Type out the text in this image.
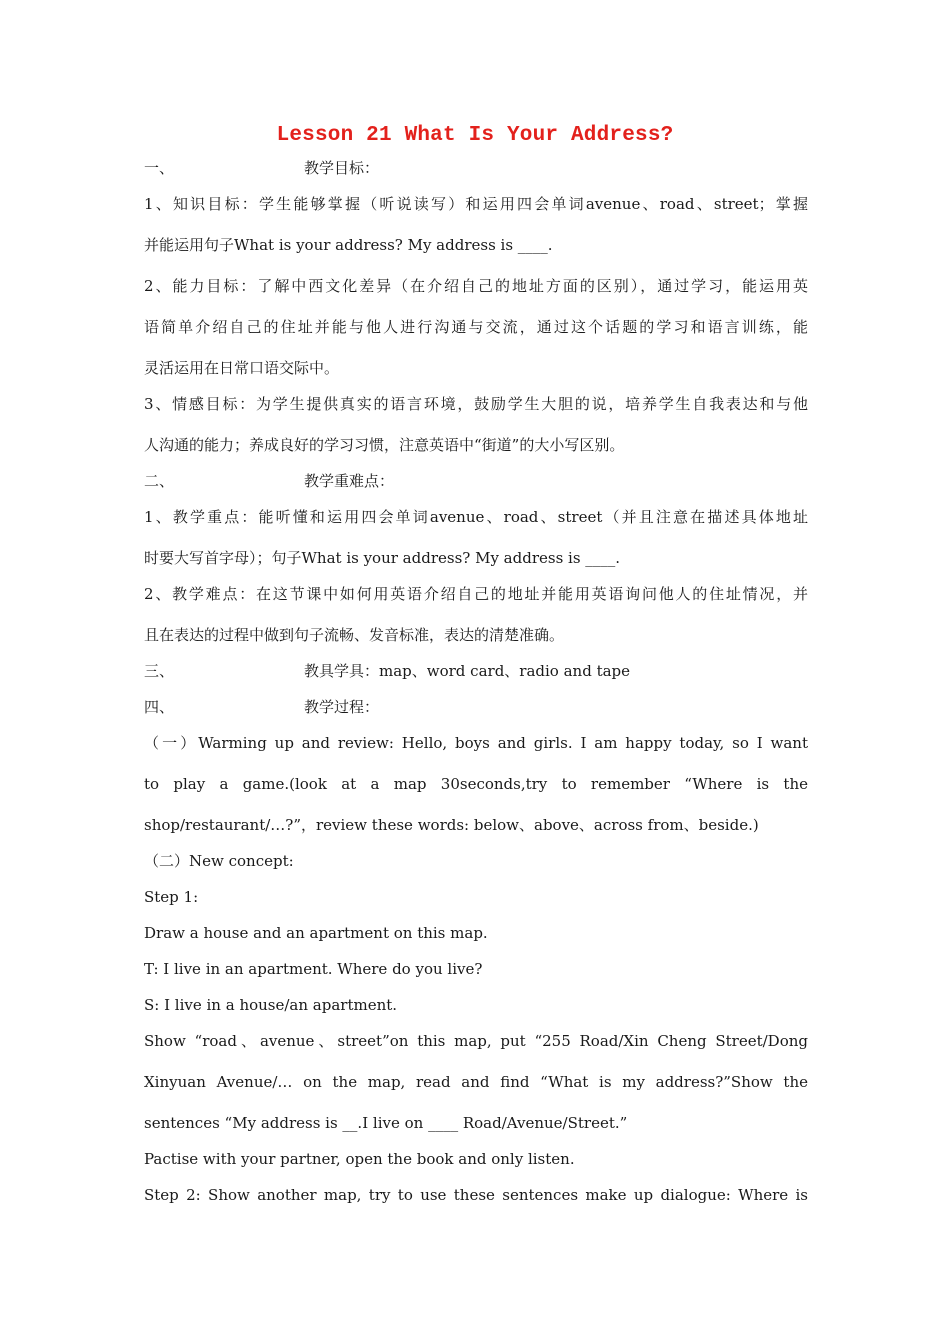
Lesson 21 What Is Your Address?
一、	教学目标：
1、知识目标：学生能够掌握（听说读写）和运用四会单词avenue、road、street；掌握
并能运用句子What is your address? My address is ____.
2、能力目标：了解中西文化差异（在介绍自己的地址方面的区别），通过学习，能运用英
语简单介绍自己的住址并能与他人进行沟通与交流，通过这个话题的学习和语言训练，能
灵活运用在日常口语交际中。
3、情感目标：为学生提供真实的语言环境，鼓励学生大胆的说，培养学生自我表达和与他
人沟通的能力；养成良好的学习习惯，注意英语中“街道”的大小写区别。
二、	教学重难点：
1、教学重点：能听懂和运用四会单词avenue、road、street（并且注意在描述具体地址
时要大写首字母）；句子What is your address? My address is ____.
2、教学难点：在这节课中如何用英语介绍自己的地址并能用英语询问他人的住址情况，并
且在表达的过程中做到句子流畅、发音标准，表达的清楚准确。
三、	教具学具：map、word card、radio and tape
四、	教学过程：
（一）Warming up and review: Hello, boys and girls. I am happy today, so I want
to play a game.(look at a map 30seconds,try to remember “Where is the
shop/restaurant/…?”，review these words: below、above、across from、beside.)
（二）New concept:
Step 1:
Draw a house and an apartment on this map.
T: I live in an apartment. Where do you live?
S: I live in a house/an apartment.
Show “road、avenue、street”on this map, put “255 Road/Xin Cheng Street/Dong
Xinyuan Avenue/… on the map, read and find “What is my address?”Show the
sentences “My address is __.I live on ____ Road/Avenue/Street.”
Pactise with your partner, open the book and only listen.
Step 2: Show another map, try to use these sentences make up dialogue: Where is
